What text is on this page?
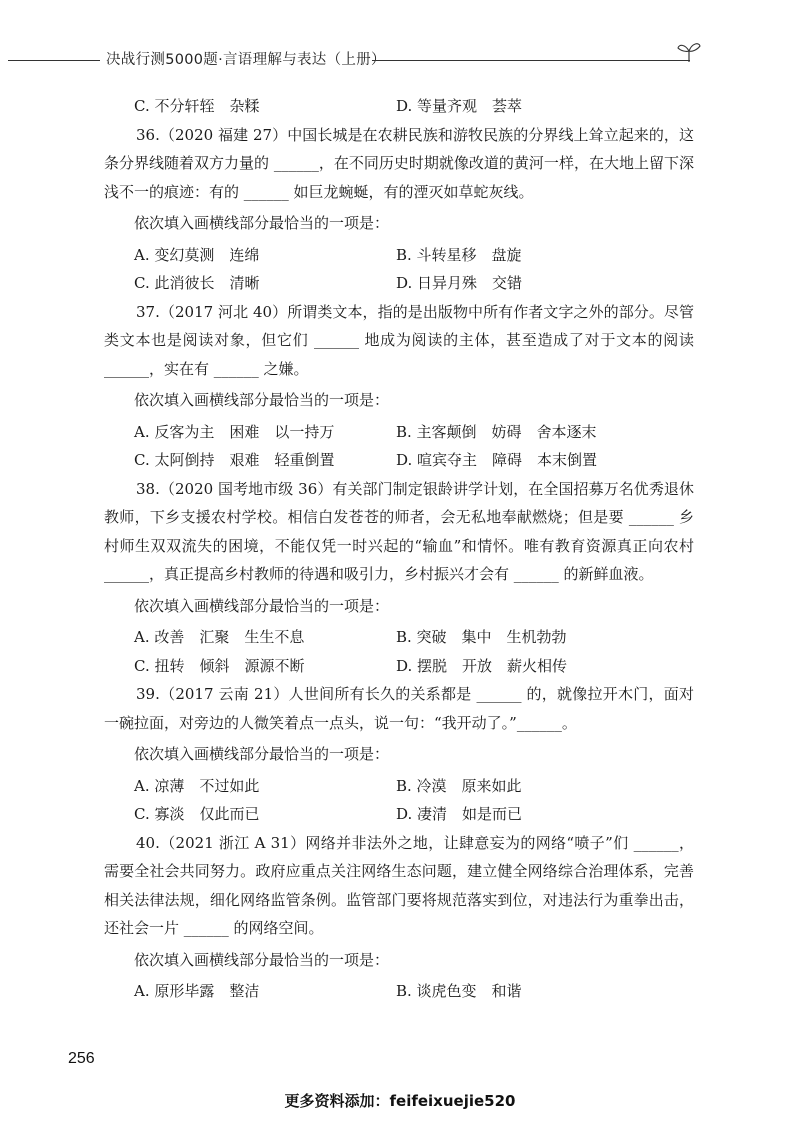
决战行测5000题·言语理解与表达（上册）
C. 不分轩轾　杂糅	D. 等量齐观　荟萃

36.（2020 福建 27）中国长城是在农耕民族和游牧民族的分界线上耸立起来的，这条分界线随着双方力量的 ______，在不同历史时期就像改道的黄河一样，在大地上留下深浅不一的痕迹：有的 ______ 如巨龙蜿蜒，有的湮灭如草蛇灰线。

依次填入画横线部分最恰当的一项是：
A. 变幻莫测　连绵	B. 斗转星移　盘旋
C. 此消彼长　清晰	D. 日异月殊　交错

37.（2017 河北 40）所谓类文本，指的是出版物中所有作者文字之外的部分。尽管类文本也是阅读对象，但它们 ______ 地成为阅读的主体，甚至造成了对于文本的阅读 ______，实在有 ______ 之嫌。

依次填入画横线部分最恰当的一项是：
A. 反客为主　困难　以一持万	B. 主客颠倒　妨碍　舍本逐末
C. 太阿倒持　艰难　轻重倒置	D. 喧宾夺主　障碍　本末倒置

38.（2020 国考地市级 36）有关部门制定银龄讲学计划，在全国招募万名优秀退休教师，下乡支援农村学校。相信白发苍苍的师者，会无私地奉献燃烧；但是要 ______ 乡村师生双双流失的困境，不能仅凭一时兴起的“输血”和情怀。唯有教育资源真正向农村 ______，真正提高乡村教师的待遇和吸引力，乡村振兴才会有 ______ 的新鲜血液。

依次填入画横线部分最恰当的一项是：
A. 改善　汇聚　生生不息	B. 突破　集中　生机勃勃
C. 扭转　倾斜　源源不断	D. 摆脱　开放　薪火相传

39.（2017 云南 21）人世间所有长久的关系都是 ______ 的，就像拉开木门，面对一碗拉面，对旁边的人微笑着点一点头，说一句：“我开动了。”______。

依次填入画横线部分最恰当的一项是：
A. 凉薄　不过如此	B. 冷漠　原来如此
C. 寡淡　仅此而已	D. 凄清　如是而已

40.（2021 浙江 A 31）网络并非法外之地，让肆意妄为的网络“喷子”们 ______，需要全社会共同努力。政府应重点关注网络生态问题，建立健全网络综合治理体系，完善相关法律法规，细化网络监管条例。监管部门要将规范落实到位，对违法行为重拳出击，还社会一片 ______ 的网络空间。

依次填入画横线部分最恰当的一项是：
A. 原形毕露　整洁	B. 谈虎色变　和谐
256
更多资料添加：feifeixuejie520
